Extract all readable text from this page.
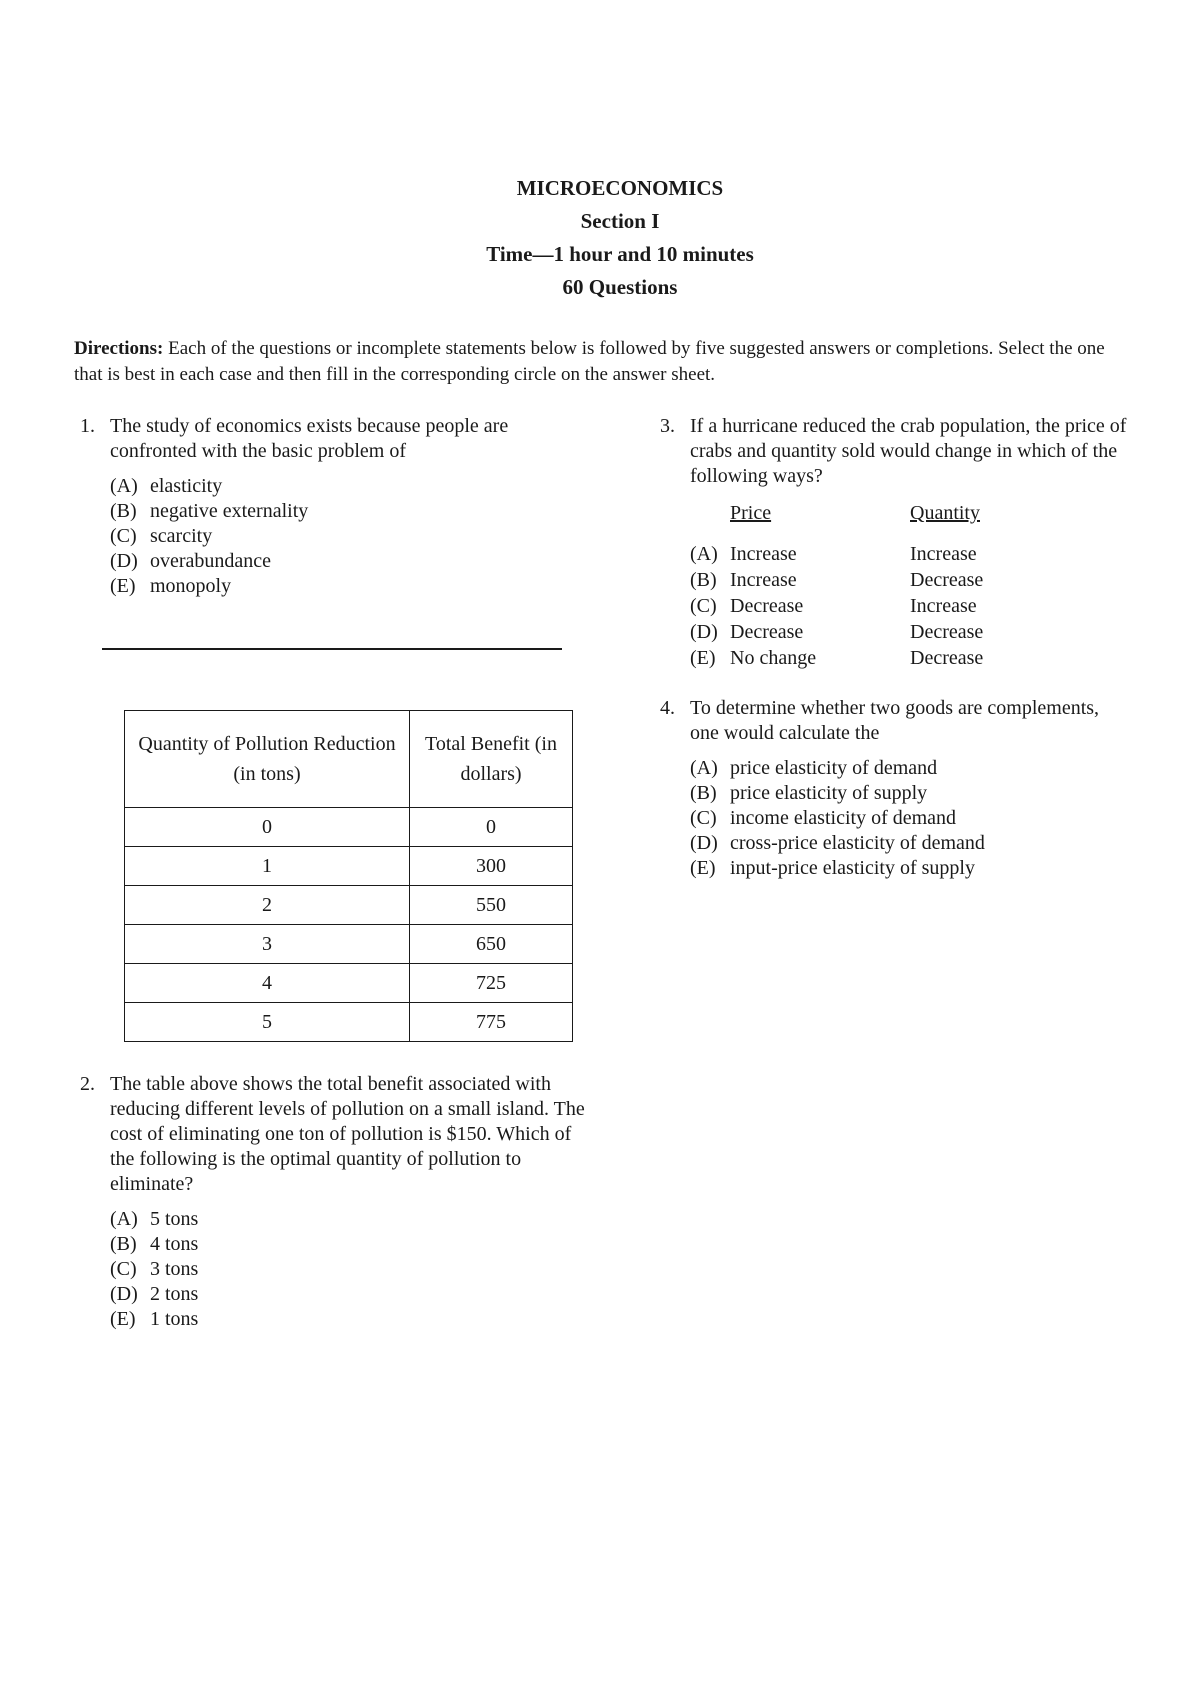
MICROECONOMICS
Section I
Time—1 hour and 10 minutes
60 Questions
Directions: Each of the questions or incomplete statements below is followed by five suggested answers or completions. Select the one that is best in each case and then fill in the corresponding circle on the answer sheet.
1. The study of economics exists because people are confronted with the basic problem of
(A) elasticity
(B) negative externality
(C) scarcity
(D) overabundance
(E) monopoly
Quantity of Pollution Reduction (in tons)	Total Benefit (in dollars)
0	0
1	300
2	550
3	650
4	725
5	775
2. The table above shows the total benefit associated with reducing different levels of pollution on a small island. The cost of eliminating one ton of pollution is $150. Which of the following is the optimal quantity of pollution to eliminate?
(A) 5 tons
(B) 4 tons
(C) 3 tons
(D) 2 tons
(E) 1 tons
3. If a hurricane reduced the crab population, the price of crabs and quantity sold would change in which of the following ways?
Price	Quantity
(A) Increase	Increase
(B) Increase	Decrease
(C) Decrease	Increase
(D) Decrease	Decrease
(E) No change	Decrease
4. To determine whether two goods are complements, one would calculate the
(A) price elasticity of demand
(B) price elasticity of supply
(C) income elasticity of demand
(D) cross-price elasticity of demand
(E) input-price elasticity of supply
